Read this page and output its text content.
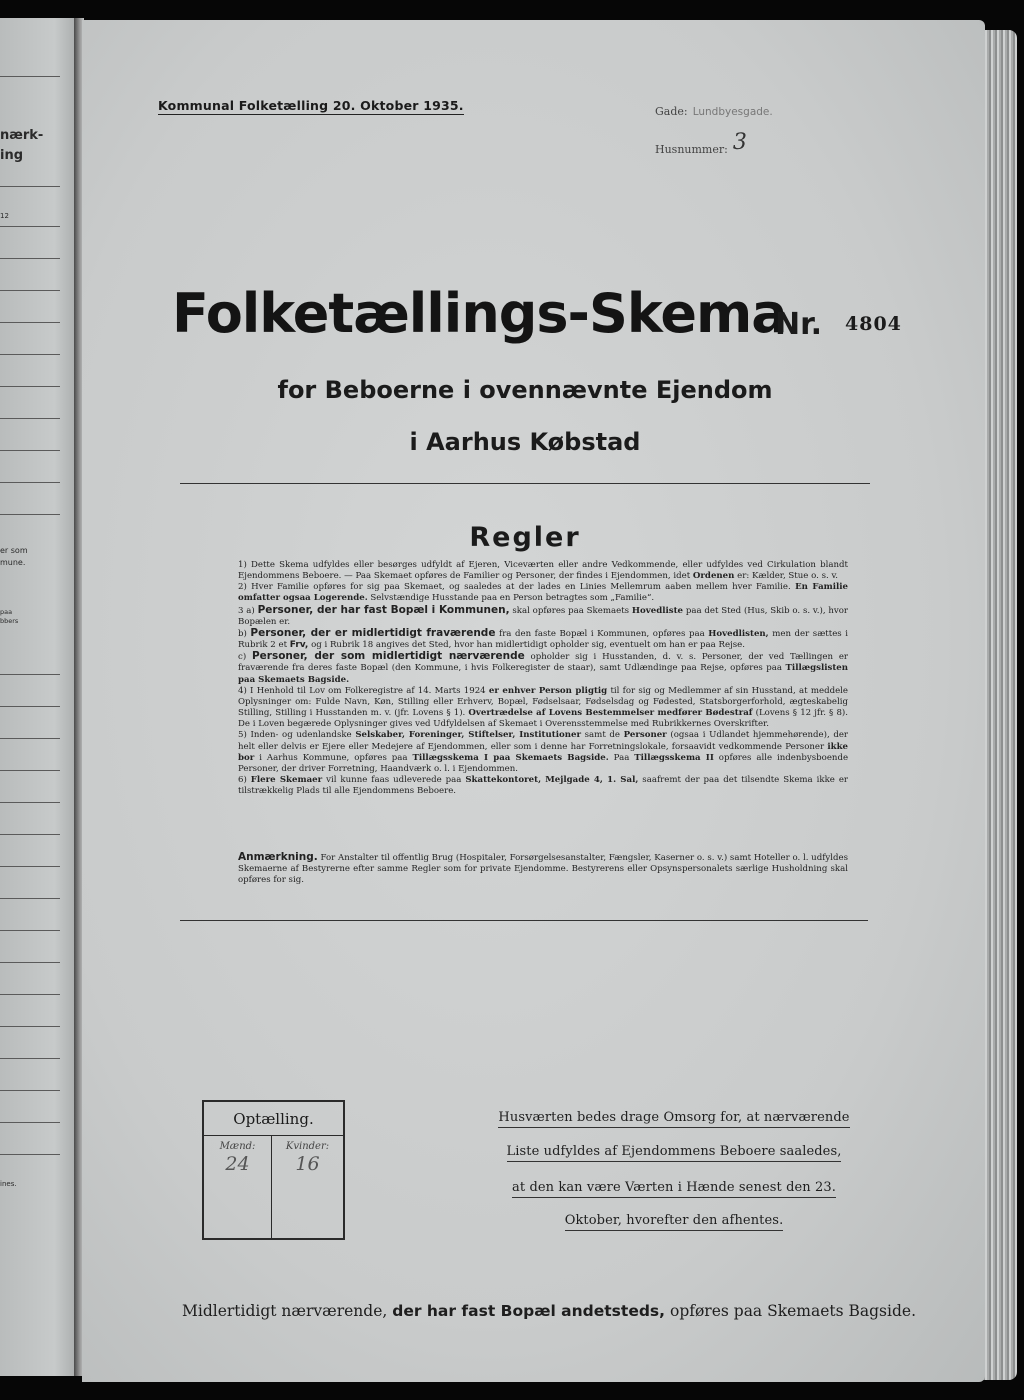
nærk-
ing
12
er som
mune.
paa
bbers
ines.
Kommunal Folketælling 20. Oktober 1935.	Gade: Lundbyesgade.
Husnummer: 3
Folketællings-Skema
Nr. 4804
for Beboerne i ovennævnte Ejendom
i Aarhus Købstad
Regler

1) Dette Skema udfyldes eller besørges udfyldt af Ejeren, Viceværten eller andre Vedkommende, eller udfyldes ved Cirkulation blandt Ejendommens Beboere. — Paa Skemaet opføres de Familier og Personer, der findes i Ejendommen, idet Ordenen er: Kælder, Stue o. s. v.

2) Hver Familie opføres for sig paa Skemaet, og saaledes at der lades en Linies Mellemrum aaben mellem hver Familie. En Familie omfatter ogsaa Logerende. Selvstændige Husstande paa en Person betragtes som „Familie“.

3 a) Personer, der har fast Bopæl i Kommunen, skal opføres paa Skemaets Hovedliste paa det Sted (Hus, Skib o. s. v.), hvor Bopælen er.

b) Personer, der er midlertidigt fraværende fra den faste Bopæl i Kommunen, opføres paa Hovedlisten, men der sættes i Rubrik 2 et Frv, og i Rubrik 18 angives det Sted, hvor han midlertidigt opholder sig, eventuelt om han er paa Rejse.

c) Personer, der som midlertidigt nærværende opholder sig i Husstanden, d. v. s. Personer, der ved Tællingen er fraværende fra deres faste Bopæl (den Kommune, i hvis Folkeregister de staar), samt Udlændinge paa Rejse, opføres paa Tillægslisten paa Skemaets Bagside.

4) I Henhold til Lov om Folkeregistre af 14. Marts 1924 er enhver Person pligtig til for sig og Medlemmer af sin Husstand, at meddele Oplysninger om: Fulde Navn, Køn, Stilling eller Erhverv, Bopæl, Fødselsaar, Fødselsdag og Fødested, Statsborgerforhold, ægteskabelig Stilling, Stilling i Husstanden m. v. (jfr. Lovens § 1). Overtrædelse af Lovens Bestemmelser medfører Bødestraf (Lovens § 12 jfr. § 8). De i Loven begærede Oplysninger gives ved Udfyldelsen af Skemaet i Overensstemmelse med Rubrikkernes Overskrifter.

5) Inden- og udenlandske Selskaber, Foreninger, Stiftelser, Institutioner samt de Personer (ogsaa i Udlandet hjemmehørende), der helt eller delvis er Ejere eller Medejere af Ejendommen, eller som i denne har Forretningslokale, forsaavidt vedkommende Personer ikke bor i Aarhus Kommune, opføres paa Tillægsskema I paa Skemaets Bagside. Paa Tillægsskema II opføres alle indenbysboende Personer, der driver Forretning, Haandværk o. l. i Ejendommen.

6) Flere Skemaer vil kunne faas udleverede paa Skattekontoret, Mejlgade 4, 1. Sal, saafremt der paa det tilsendte Skema ikke er tilstrækkelig Plads til alle Ejendommens Beboere.

Anmærkning. For Anstalter til offentlig Brug (Hospitaler, Forsørgelsesanstalter, Fængsler, Kaserner o. s. v.) samt Hoteller o. l. udfyldes Skemaerne af Bestyrerne efter samme Regler som for private Ejendomme. Bestyrerens eller Opsynspersonalets særlige Husholdning skal opføres for sig.

Optælling.
Mænd:
24
Kvinder:
16
Husværten bedes drage Omsorg for, at nærværende
Liste udfyldes af Ejendommens Beboere saaledes,
at den kan være Værten i Hænde senest den 23.
Oktober, hvorefter den afhentes.
Midlertidigt nærværende, der har fast Bopæl andetsteds, opføres paa Skemaets Bagside.
